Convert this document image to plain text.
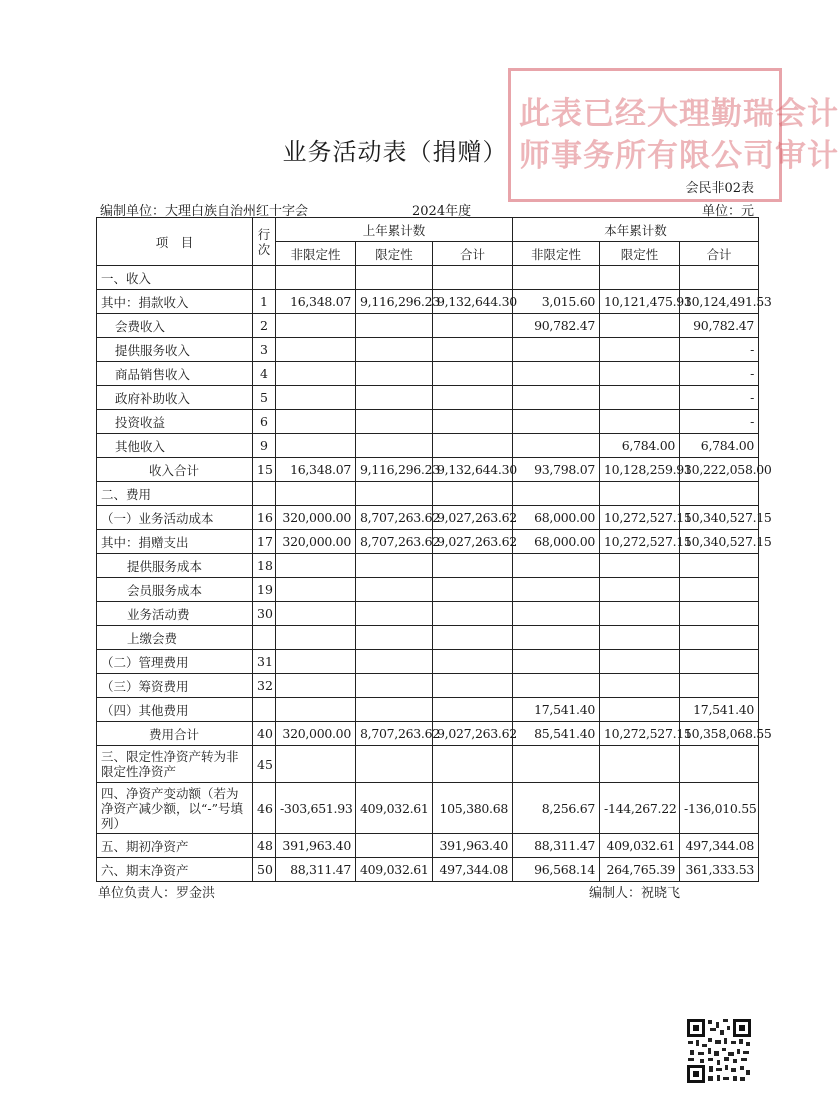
此表已经大理勤瑞会计
师事务所有限公司审计
业务活动表（捐赠）
会民非02表
编制单位：大理白族自治州红十字会	2024年度	单位：元
项　目	行次	上年累计数			本年累计数		
		非限定性	限定性	合计	非限定性	限定性	合计
一、收入							
其中：捐款收入	1	16,348.07	9,116,296.23	9,132,644.30	3,015.60	10,121,475.93	10,124,491.53
会费收入	2				90,782.47		90,782.47
提供服务收入	3						-
商品销售收入	4						-
政府补助收入	5						-
投资收益	6						-
其他收入	9					6,784.00	6,784.00
收入合计	15	16,348.07	9,116,296.23	9,132,644.30	93,798.07	10,128,259.93	10,222,058.00
二、费用							
（一）业务活动成本	16	320,000.00	8,707,263.62	9,027,263.62	68,000.00	10,272,527.15	10,340,527.15
其中：捐赠支出	17	320,000.00	8,707,263.62	9,027,263.62	68,000.00	10,272,527.15	10,340,527.15
提供服务成本	18						
会员服务成本	19						
业务活动费	30						
上缴会费							
（二）管理费用	31						
（三）筹资费用	32						
（四）其他费用					17,541.40		17,541.40
费用合计	40	320,000.00	8,707,263.62	9,027,263.62	85,541.40	10,272,527.15	10,358,068.55
三、限定性净资产转为非限定性净资产	45						
四、净资产变动额（若为净资产减少额，以“-”号填列）	46	-303,651.93	409,032.61	105,380.68	8,256.67	-144,267.22	-136,010.55
五、期初净资产	48	391,963.40		391,963.40	88,311.47	409,032.61	497,344.08
六、期末净资产	50	88,311.47	409,032.61	497,344.08	96,568.14	264,765.39	361,333.53
单位负责人：罗金洪	编制人：祝晓飞
